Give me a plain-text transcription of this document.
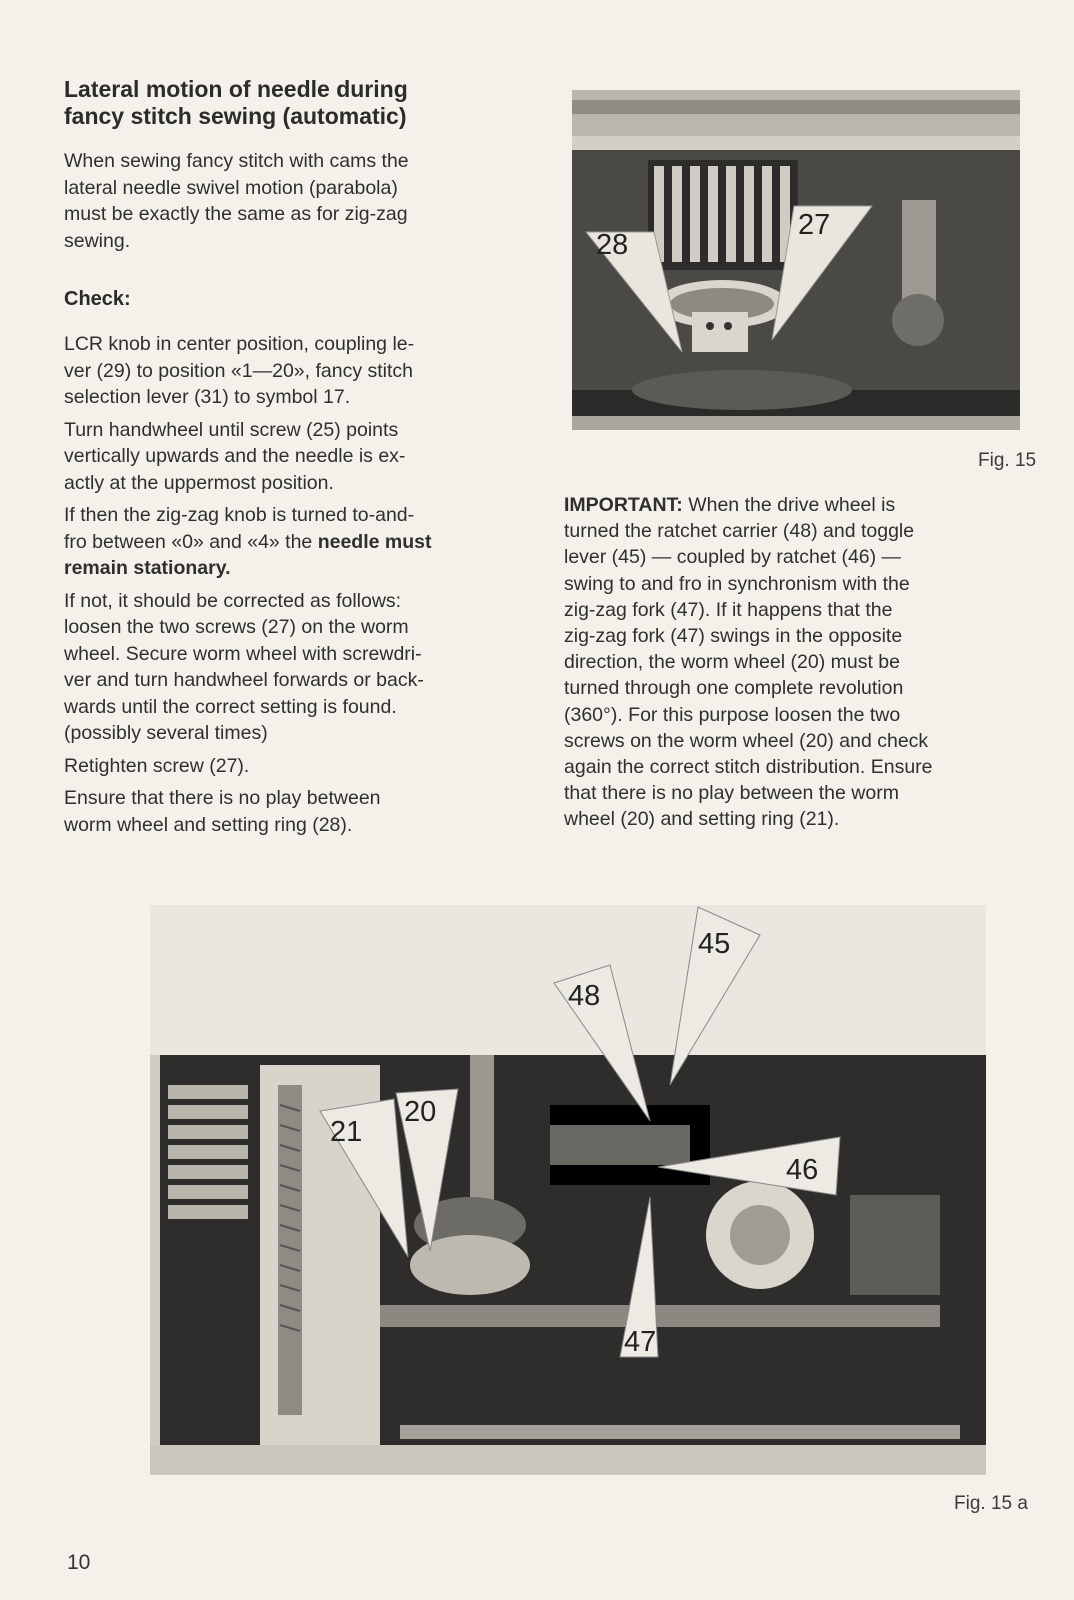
Lateral motion of needle during
fancy stitch sewing (automatic)

When sewing fancy stitch with cams the
lateral needle swivel motion (parabola)
must be exactly the same as for zig-zag
sewing.

Check:

LCR knob in center position, coupling le-
ver (29) to position «1—20», fancy stitch
selection lever (31) to symbol 17.

Turn handwheel until screw (25) points
vertically upwards and the needle is ex-
actly at the uppermost position.

If then the zig-zag knob is turned to-and-
fro between «0» and «4» the needle must
remain stationary.

If not, it should be corrected as follows:
loosen the two screws (27) on the worm
wheel. Secure worm wheel with screwdri-
ver and turn handwheel forwards or back-
wards until the correct setting is found.
(possibly several times)

Retighten screw (27).

Ensure that there is no play between
worm wheel and setting ring (28).

28
27
Fig. 15

IMPORTANT: When the drive wheel is
turned the ratchet carrier (48) and toggle
lever (45) — coupled by ratchet (46) —
swing to and fro in synchronism with the
zig-zag fork (47). If it happens that the
zig-zag fork (47) swings in the opposite
direction, the worm wheel (20) must be
turned through one complete revolution
(360°). For this purpose loosen the two
screws on the worm wheel (20) and check
again the correct stitch distribution. Ensure
that there is no play between the worm
wheel (20) and setting ring (21).

45
48
21
20
46
47
Fig. 15 a
10
